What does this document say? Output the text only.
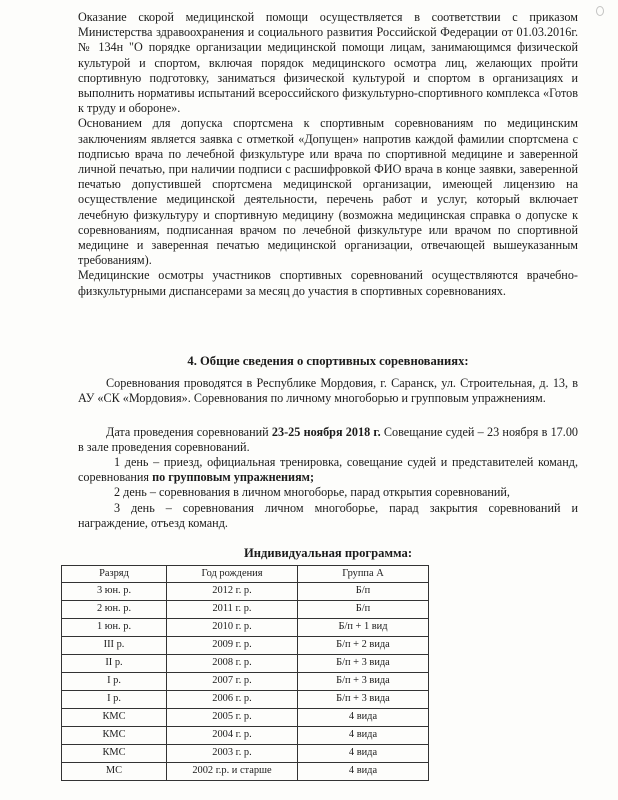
Оказание скорой медицинской помощи осуществляется в соответствии с приказом Министерства здравоохранения и социального развития Российской Федерации от 01.03.2016г. № 134н "О порядке организации медицинской помощи лицам, занимающимся физической культурой и спортом, включая порядок медицинского осмотра лиц, желающих пройти спортивную подготовку, заниматься физической культурой и спортом в организациях и выполнить нормативы испытаний всероссийского физкультурно-спортивного комплекса «Готов к труду и обороне».

Основанием для допуска спортсмена к спортивным соревнованиям по медицинским заключениям является заявка с отметкой «Допущен» напротив каждой фамилии спортсмена с подписью врача по лечебной физкультуре или врача по спортивной медицине и заверенной личной печатью, при наличии подписи с расшифровкой ФИО врача в конце заявки, заверенной печатью допустившей спортсмена медицинской организации, имеющей лицензию на осуществление медицинской деятельности, перечень работ и услуг, который включает лечебную физкультуру и спортивную медицину (возможна медицинская справка о допуске к соревнованиям, подписанная врачом по лечебной физкультуре или врачом по спортивной медицине и заверенная печатью медицинской организации, отвечающей вышеуказанным требованиям).

Медицинские осмотры участников спортивных соревнований осуществляются врачебно-физкультурными диспансерами за месяц до участия в спортивных соревнованиях.

4. Общие сведения о спортивных соревнованиях:

Соревнования проводятся в Республике Мордовия, г. Саранск, ул. Строительная, д. 13, в АУ «СК «Мордовия». Соревнования по личному многоборью и групповым упражнениям.

Дата проведения соревнований 23-25 ноября 2018 г. Совещание судей – 23 ноября в 17.00 в зале проведения соревнований.

1 день – приезд, официальная тренировка, совещание судей и представителей команд, соревнования по групповым упражнениям;

2 день – соревнования в личном многоборье, парад открытия соревнований,

3 день – соревнования личном многоборье, парад закрытия соревнований и награждение, отъезд команд.

Индивидуальная программа:

Разряд	Год рождения	Группа А
3 юн. р.	2012 г. р.	Б/п
2 юн. р.	2011 г. р.	Б/п
1 юн. р.	2010 г. р.	Б/п + 1 вид
III р.	2009 г. р.	Б/п + 2 вида
II р.	2008 г. р.	Б/п + 3 вида
I р.	2007 г. р.	Б/п + 3 вида
I р.	2006 г. р.	Б/п + 3 вида
КМС	2005 г. р.	4 вида
КМС	2004 г. р.	4 вида
КМС	2003 г. р.	4 вида
МС	2002 г.р. и старше	4 вида
